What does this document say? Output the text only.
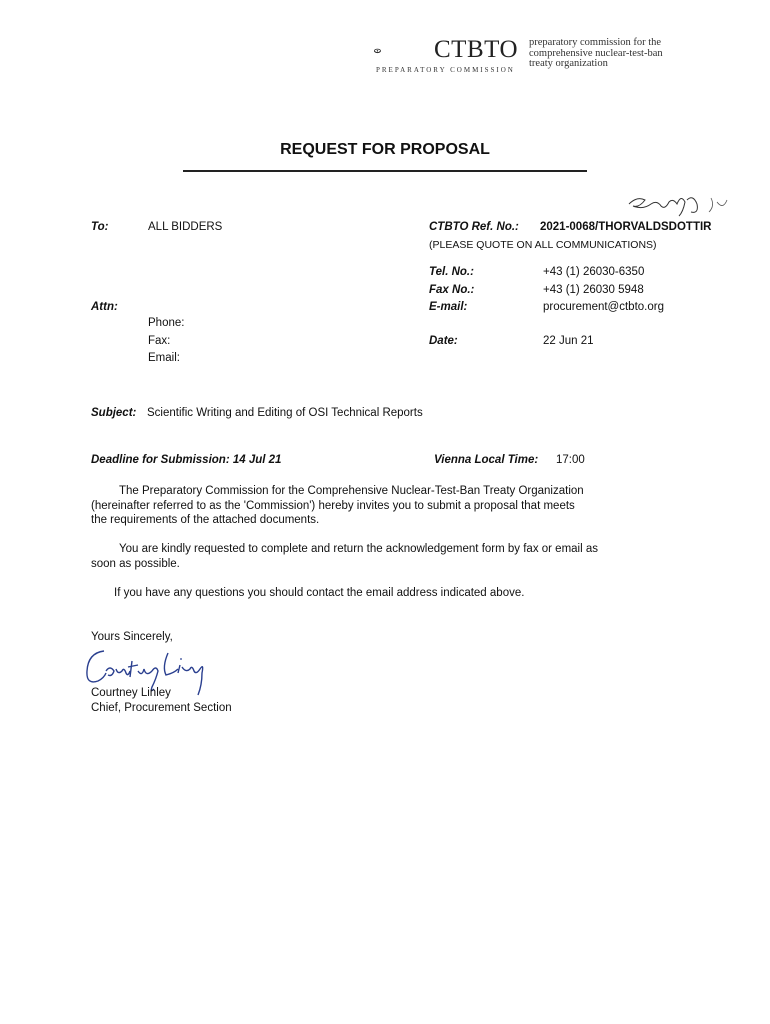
CTBTO
PREPARATORY COMMISSION
preparatory commission for the
comprehensive nuclear-test-ban
treaty organization
REQUEST FOR PROPOSAL
To:	ALL BIDDERS	CTBTO Ref. No.: 2021-0068/THORVALDSDOTTIR
(PLEASE QUOTE ON ALL COMMUNICATIONS)
Tel. No.:	+43 (1) 26030-6350
Fax No.:	+43 (1) 26030 5948
E-mail:	procurement@ctbto.org
Date:	22 Jun 21
Attn:
Phone:
Fax:
Email:
Subject: Scientific Writing and Editing of OSI Technical Reports
Deadline for Submission: 14 Jul 21	Vienna Local Time: 17:00
The Preparatory Commission for the Comprehensive Nuclear-Test-Ban Treaty Organization
(hereinafter referred to as the 'Commission') hereby invites you to submit a proposal that meets
the requirements of the attached documents.
You are kindly requested to complete and return the acknowledgement form by fax or email as
soon as possible.
If you have any questions you should contact the email address indicated above.
Yours Sincerely,
Courtney Linley
Chief, Procurement Section
